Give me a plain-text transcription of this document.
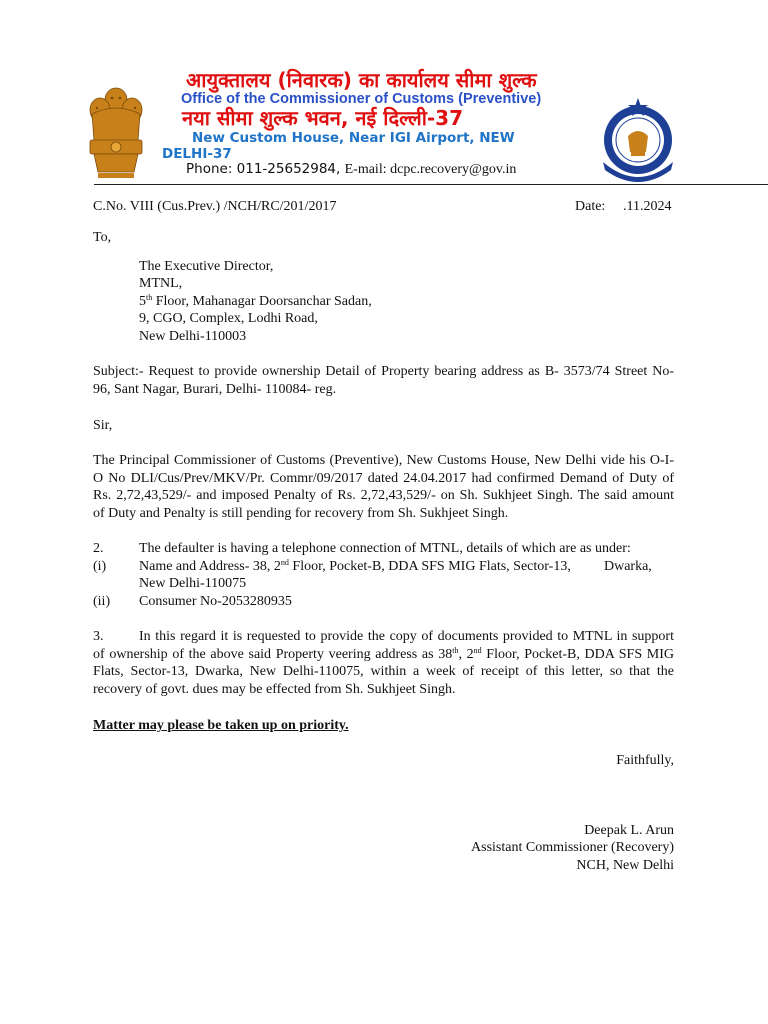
आयुक्तालय (निवारक) का कार्यालय सीमा शुल्क
Office of the Commissioner of Customs (Preventive)
नया सीमा शुल्क भवन, नई दिल्ली-37
New Custom House, Near IGI Airport, NEW
DELHI-37
Phone: 011-25652984, E-mail: dcpc.recovery@gov.in
C.No. VIII (Cus.Prev.) /NCH/RC/201/2017	Date: .11.2024
To,
The Executive Director,
MTNL,
5th Floor, Mahanagar Doorsanchar Sadan,
9, CGO, Complex, Lodhi Road,
New Delhi-110003
Subject:- Request to provide ownership Detail of Property bearing address as B- 3573/74 Street No-
96, Sant Nagar, Burari, Delhi- 110084- reg.
Sir,
The Principal Commissioner of Customs (Preventive), New Customs House, New Delhi vide his O-I-
O No DLI/Cus/Prev/MKV/Pr. Commr/09/2017 dated 24.04.2017 had confirmed Demand of Duty of
Rs. 2,72,43,529/- and imposed Penalty of Rs. 2,72,43,529/- on Sh. Sukhjeet Singh. The said amount
of Duty and Penalty is still pending for recovery from Sh. Sukhjeet Singh.
2.	The defaulter is having a telephone connection of MTNL, details of which are as under:
(i) Name and Address- 38, 2nd Floor, Pocket-B, DDA SFS MIG Flats, Sector-13, Dwarka,
New Delhi-110075
(ii) Consumer No-2053280935
3.	In this regard it is requested to provide the copy of documents provided to MTNL in support
of ownership of the above said Property veering address as 38th, 2nd Floor, Pocket-B, DDA SFS MIG
Flats, Sector-13, Dwarka, New Delhi-110075, within a week of receipt of this letter, so that the
recovery of govt. dues may be effected from Sh. Sukhjeet Singh.
Matter may please be taken up on priority.
Faithfully,
Deepak L. Arun
Assistant Commissioner (Recovery)
NCH, New Delhi
